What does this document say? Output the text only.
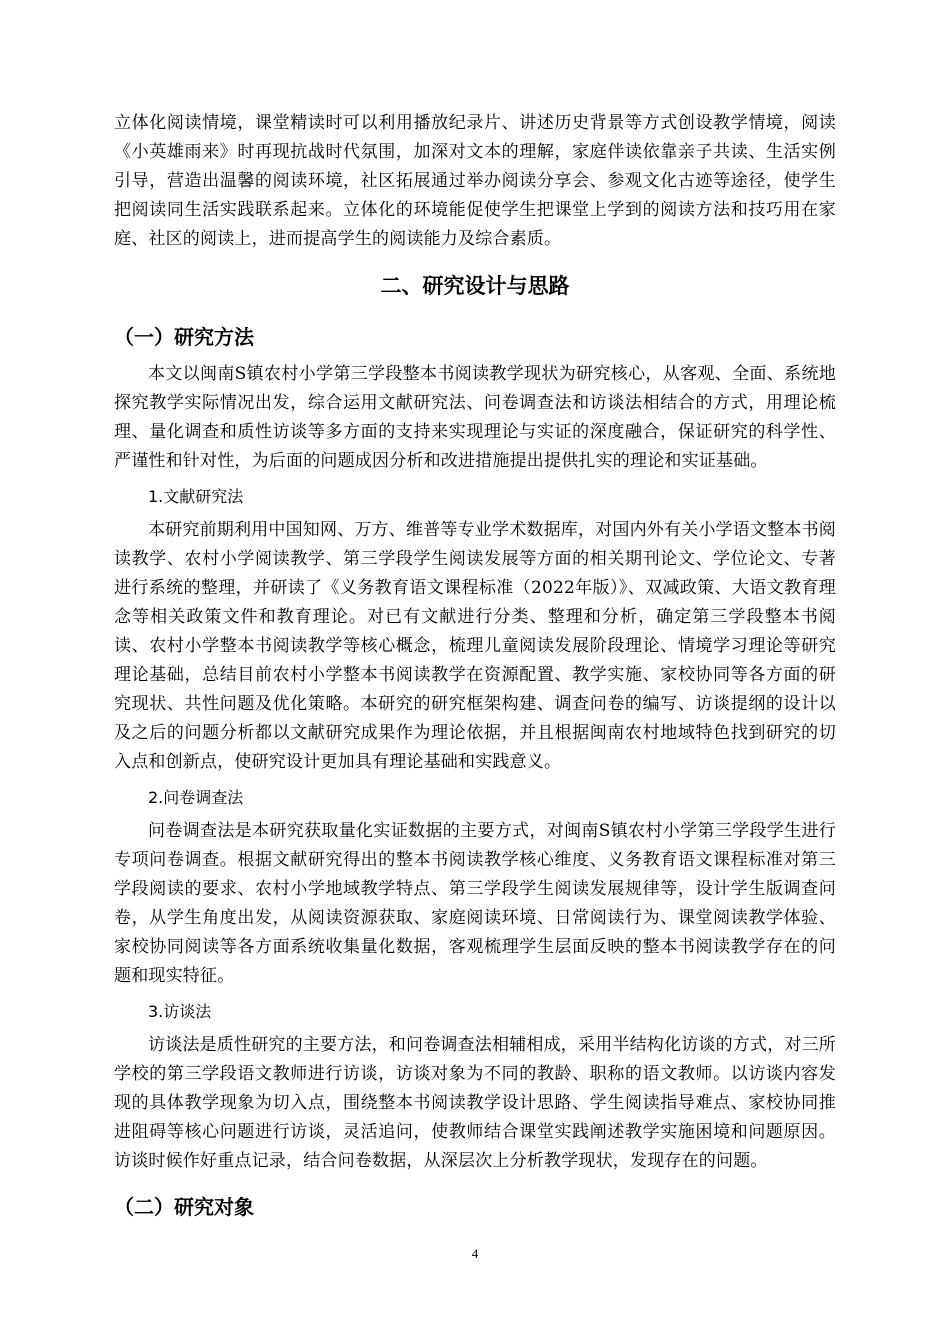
立体化阅读情境，课堂精读时可以利用播放纪录片、讲述历史背景等方式创设教学情境，阅读《小英雄雨来》时再现抗战时代氛围，加深对文本的理解，家庭伴读依靠亲子共读、生活实例引导，营造出温馨的阅读环境，社区拓展通过举办阅读分享会、参观文化古迹等途径，使学生把阅读同生活实践联系起来。立体化的环境能促使学生把课堂上学到的阅读方法和技巧用在家庭、社区的阅读上，进而提高学生的阅读能力及综合素质。

二、研究设计与思路
（一）研究方法

本文以闽南S镇农村小学第三学段整本书阅读教学现状为研究核心，从客观、全面、系统地探究教学实际情况出发，综合运用文献研究法、问卷调查法和访谈法相结合的方式，用理论梳理、量化调查和质性访谈等多方面的支持来实现理论与实证的深度融合，保证研究的科学性、严谨性和针对性，为后面的问题成因分析和改进措施提出提供扎实的理论和实证基础。

1.文献研究法

本研究前期利用中国知网、万方、维普等专业学术数据库，对国内外有关小学语文整本书阅读教学、农村小学阅读教学、第三学段学生阅读发展等方面的相关期刊论文、学位论文、专著进行系统的整理，并研读了《义务教育语文课程标准（2022年版）》、双减政策、大语文教育理念等相关政策文件和教育理论。对已有文献进行分类、整理和分析，确定第三学段整本书阅读、农村小学整本书阅读教学等核心概念，梳理儿童阅读发展阶段理论、情境学习理论等研究理论基础，总结目前农村小学整本书阅读教学在资源配置、教学实施、家校协同等各方面的研究现状、共性问题及优化策略。本研究的研究框架构建、调查问卷的编写、访谈提纲的设计以及之后的问题分析都以文献研究成果作为理论依据，并且根据闽南农村地域特色找到研究的切入点和创新点，使研究设计更加具有理论基础和实践意义。

2.问卷调查法

问卷调查法是本研究获取量化实证数据的主要方式，对闽南S镇农村小学第三学段学生进行专项问卷调查。根据文献研究得出的整本书阅读教学核心维度、义务教育语文课程标准对第三学段阅读的要求、农村小学地域教学特点、第三学段学生阅读发展规律等，设计学生版调查问卷，从学生角度出发，从阅读资源获取、家庭阅读环境、日常阅读行为、课堂阅读教学体验、家校协同阅读等各方面系统收集量化数据，客观梳理学生层面反映的整本书阅读教学存在的问题和现实特征。

3.访谈法

访谈法是质性研究的主要方法，和问卷调查法相辅相成，采用半结构化访谈的方式，对三所学校的第三学段语文教师进行访谈，访谈对象为不同的教龄、职称的语文教师。以访谈内容发现的具体教学现象为切入点，围绕整本书阅读教学设计思路、学生阅读指导难点、家校协同推进阻碍等核心问题进行访谈，灵活追问，使教师结合课堂实践阐述教学实施困境和问题原因。访谈时候作好重点记录，结合问卷数据，从深层次上分析教学现状，发现存在的问题。

（二）研究对象
4
